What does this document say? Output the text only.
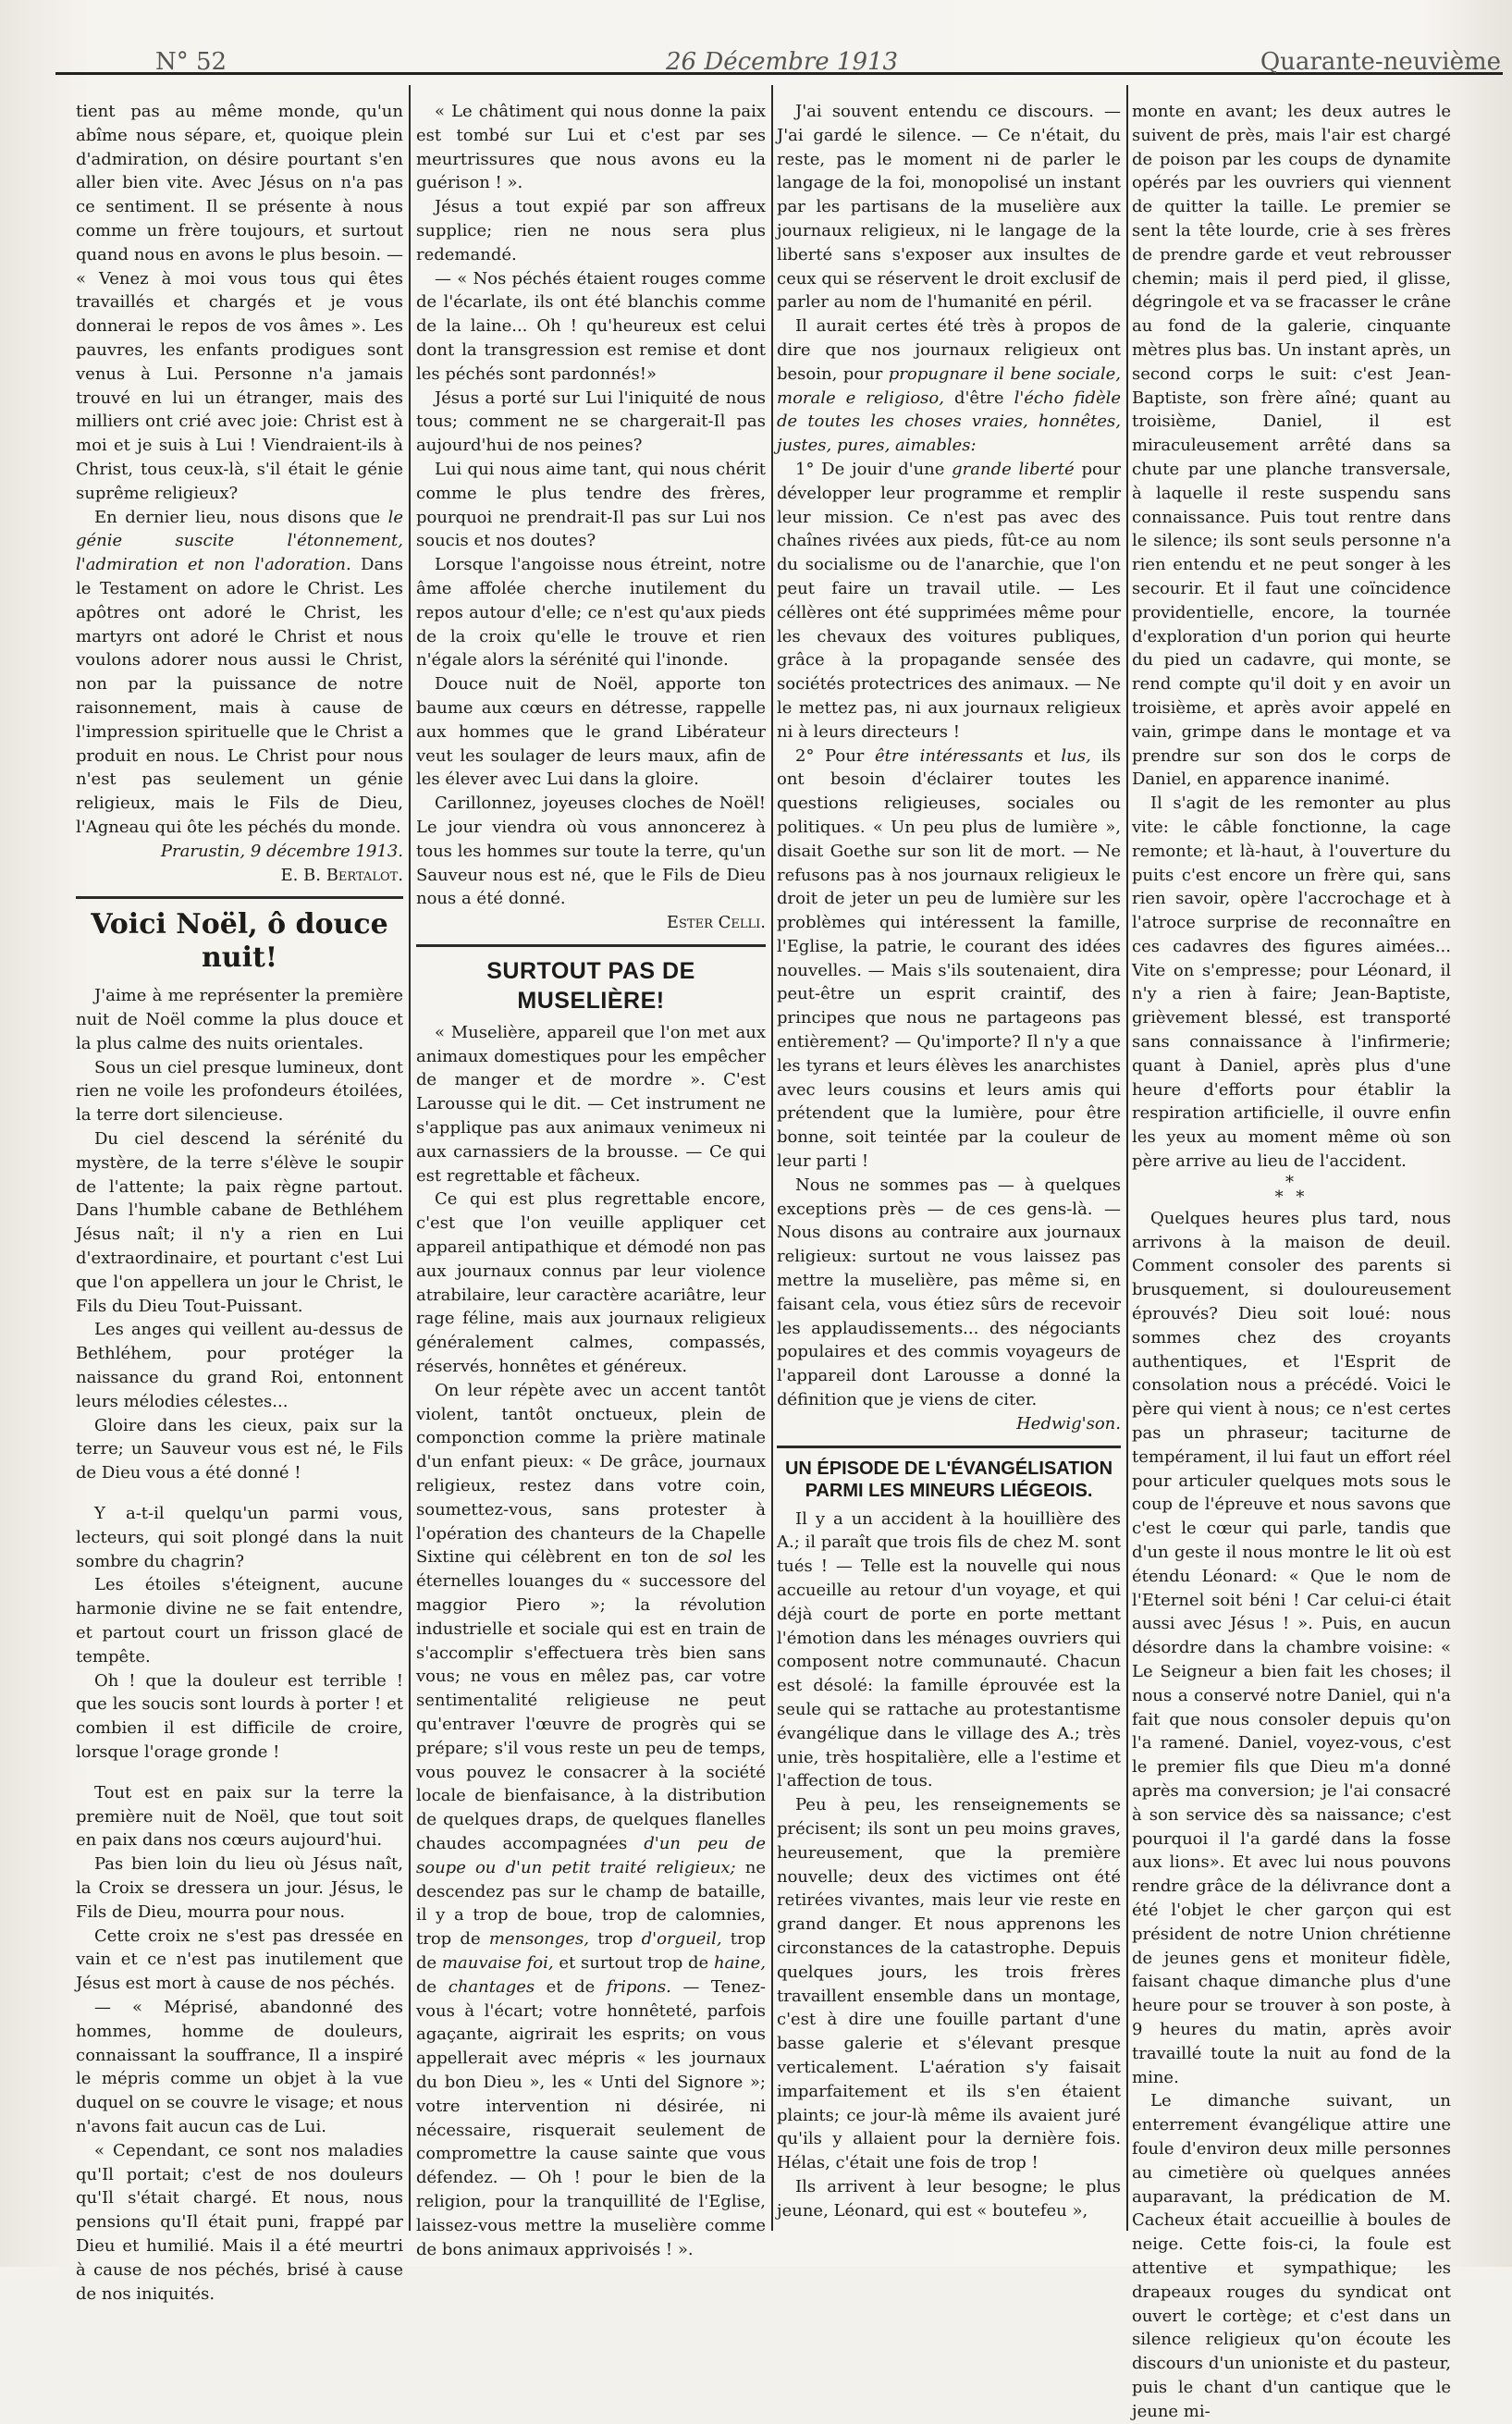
N° 52	26 Décembre 1913	Quarante-neuvième

tient pas au même monde, qu'un abîme nous sépare, et, quoique plein d'admiration, on désire pourtant s'en aller bien vite. Avec Jésus on n'a pas ce sentiment. Il se présente à nous comme un frère toujours, et surtout quand nous en avons le plus besoin. — « Venez à moi vous tous qui êtes travaillés et chargés et je vous donnerai le repos de vos âmes ». Les pauvres, les enfants prodigues sont venus à Lui. Personne n'a jamais trouvé en lui un étranger, mais des milliers ont crié avec joie: Christ est à moi et je suis à Lui ! Viendraient-ils à Christ, tous ceux-là, s'il était le génie suprême religieux?

En dernier lieu, nous disons que le génie suscite l'étonnement, l'admiration et non l'adoration. Dans le Testament on adore le Christ. Les apôtres ont adoré le Christ, les martyrs ont adoré le Christ et nous voulons adorer nous aussi le Christ, non par la puissance de notre raisonnement, mais à cause de l'impression spirituelle que le Christ a produit en nous. Le Christ pour nous n'est pas seulement un génie religieux, mais le Fils de Dieu, l'Agneau qui ôte les péchés du monde.

Prarustin, 9 décembre 1913.
E. B. Bertalot.
Voici Noël, ô douce nuit!

J'aime à me représenter la première nuit de Noël comme la plus douce et la plus calme des nuits orientales.

Sous un ciel presque lumineux, dont rien ne voile les profondeurs étoilées, la terre dort silencieuse.

Du ciel descend la sérénité du mystère, de la terre s'élève le soupir de l'attente; la paix règne partout. Dans l'humble cabane de Bethléhem Jésus naît; il n'y a rien en Lui d'extraordinaire, et pourtant c'est Lui que l'on appellera un jour le Christ, le Fils du Dieu Tout-Puissant.

Les anges qui veillent au-dessus de Bethléhem, pour protéger la naissance du grand Roi, entonnent leurs mélodies célestes...

Gloire dans les cieux, paix sur la terre; un Sauveur vous est né, le Fils de Dieu vous a été donné !

Y a-t-il quelqu'un parmi vous, lecteurs, qui soit plongé dans la nuit sombre du chagrin?

Les étoiles s'éteignent, aucune harmonie divine ne se fait entendre, et partout court un frisson glacé de tempête.

Oh ! que la douleur est terrible ! que les soucis sont lourds à porter ! et combien il est difficile de croire, lorsque l'orage gronde !

Tout est en paix sur la terre la première nuit de Noël, que tout soit en paix dans nos cœurs aujourd'hui.

Pas bien loin du lieu où Jésus naît, la Croix se dressera un jour. Jésus, le Fils de Dieu, mourra pour nous.

Cette croix ne s'est pas dressée en vain et ce n'est pas inutilement que Jésus est mort à cause de nos péchés.

— « Méprisé, abandonné des hommes, homme de douleurs, connaissant la souffrance, Il a inspiré le mépris comme un objet à la vue duquel on se couvre le visage; et nous n'avons fait aucun cas de Lui.

« Cependant, ce sont nos maladies qu'Il portait; c'est de nos douleurs qu'Il s'était chargé. Et nous, nous pensions qu'Il était puni, frappé par Dieu et humilié. Mais il a été meurtri à cause de nos péchés, brisé à cause de nos iniquités.

« Le châtiment qui nous donne la paix est tombé sur Lui et c'est par ses meurtrissures que nous avons eu la guérison ! ».

Jésus a tout expié par son affreux supplice; rien ne nous sera plus redemandé.

— « Nos péchés étaient rouges comme de l'écarlate, ils ont été blanchis comme de la laine... Oh ! qu'heureux est celui dont la transgression est remise et dont les péchés sont pardonnés!»

Jésus a porté sur Lui l'iniquité de nous tous; comment ne se chargerait-Il pas aujourd'hui de nos peines?

Lui qui nous aime tant, qui nous chérit comme le plus tendre des frères, pourquoi ne prendrait-Il pas sur Lui nos soucis et nos doutes?

Lorsque l'angoisse nous étreint, notre âme affolée cherche inutilement du repos autour d'elle; ce n'est qu'aux pieds de la croix qu'elle le trouve et rien n'égale alors la sérénité qui l'inonde.

Douce nuit de Noël, apporte ton baume aux cœurs en détresse, rappelle aux hommes que le grand Libérateur veut les soulager de leurs maux, afin de les élever avec Lui dans la gloire.

Carillonnez, joyeuses cloches de Noël! Le jour viendra où vous annoncerez à tous les hommes sur toute la terre, qu'un Sauveur nous est né, que le Fils de Dieu nous a été donné.

Ester Celli.
SURTOUT PAS DE MUSELIÈRE!

« Muselière, appareil que l'on met aux animaux domestiques pour les empêcher de manger et de mordre ». C'est Larousse qui le dit. — Cet instrument ne s'applique pas aux animaux venimeux ni aux carnassiers de la brousse. — Ce qui est regrettable et fâcheux.

Ce qui est plus regrettable encore, c'est que l'on veuille appliquer cet appareil antipathique et démodé non pas aux journaux connus par leur violence atrabilaire, leur caractère acariâtre, leur rage féline, mais aux journaux religieux généralement calmes, compassés, réservés, honnêtes et généreux.

On leur répète avec un accent tantôt violent, tantôt onctueux, plein de componction comme la prière matinale d'un enfant pieux: « De grâce, journaux religieux, restez dans votre coin, soumettez-vous, sans protester à l'opération des chanteurs de la Chapelle Sixtine qui célèbrent en ton de sol les éternelles louanges du « successore del maggior Piero »; la révolution industrielle et sociale qui est en train de s'accomplir s'effectuera très bien sans vous; ne vous en mêlez pas, car votre sentimentalité religieuse ne peut qu'entraver l'œuvre de progrès qui se prépare; s'il vous reste un peu de temps, vous pouvez le consacrer à la société locale de bienfaisance, à la distribution de quelques draps, de quelques flanelles chaudes accompagnées d'un peu de soupe ou d'un petit traité religieux; ne descendez pas sur le champ de bataille, il y a trop de boue, trop de calomnies, trop de mensonges, trop d'orgueil, trop de mauvaise foi, et surtout trop de haine, de chantages et de fripons. — Tenez-vous à l'écart; votre honnêteté, parfois agaçante, aigrirait les esprits; on vous appellerait avec mépris « les journaux du bon Dieu », les « Unti del Signore »; votre intervention ni désirée, ni nécessaire, risquerait seulement de compromettre la cause sainte que vous défendez. — Oh ! pour le bien de la religion, pour la tranquillité de l'Eglise, laissez-vous mettre la muselière comme de bons animaux apprivoisés ! ».

J'ai souvent entendu ce discours. — J'ai gardé le silence. — Ce n'était, du reste, pas le moment ni de parler le langage de la foi, monopolisé un instant par les partisans de la muselière aux journaux religieux, ni le langage de la liberté sans s'exposer aux insultes de ceux qui se réservent le droit exclusif de parler au nom de l'humanité en péril.

Il aurait certes été très à propos de dire que nos journaux religieux ont besoin, pour propugnare il bene sociale, morale e religioso, d'être l'écho fidèle de toutes les choses vraies, honnêtes, justes, pures, aimables:

1° De jouir d'une grande liberté pour développer leur programme et remplir leur mission. Ce n'est pas avec des chaînes rivées aux pieds, fût-ce au nom du socialisme ou de l'anarchie, que l'on peut faire un travail utile. — Les céllères ont été supprimées même pour les chevaux des voitures publiques, grâce à la propagande sensée des sociétés protectrices des animaux. — Ne le mettez pas, ni aux journaux religieux ni à leurs directeurs !

2° Pour être intéressants et lus, ils ont besoin d'éclairer toutes les questions religieuses, sociales ou politiques. « Un peu plus de lumière », disait Goethe sur son lit de mort. — Ne refusons pas à nos journaux religieux le droit de jeter un peu de lumière sur les problèmes qui intéressent la famille, l'Eglise, la patrie, le courant des idées nouvelles. — Mais s'ils soutenaient, dira peut-être un esprit craintif, des principes que nous ne partageons pas entièrement? — Qu'importe? Il n'y a que les tyrans et leurs élèves les anarchistes avec leurs cousins et leurs amis qui prétendent que la lumière, pour être bonne, soit teintée par la couleur de leur parti !

Nous ne sommes pas — à quelques exceptions près — de ces gens-là. — Nous disons au contraire aux journaux religieux: surtout ne vous laissez pas mettre la muselière, pas même si, en faisant cela, vous étiez sûrs de recevoir les applaudissements... des négociants populaires et des commis voyageurs de l'appareil dont Larousse a donné la définition que je viens de citer.

Hedwig'son.
UN ÉPISODE DE L'ÉVANGÉLISATION
PARMI LES MINEURS LIÉGEOIS.

Il y a un accident à la houillière des A.; il paraît que trois fils de chez M. sont tués ! — Telle est la nouvelle qui nous accueille au retour d'un voyage, et qui déjà court de porte en porte mettant l'émotion dans les ménages ouvriers qui composent notre communauté. Chacun est désolé: la famille éprouvée est la seule qui se rattache au protestantisme évangélique dans le village des A.; très unie, très hospitalière, elle a l'estime et l'affection de tous.

Peu à peu, les renseignements se précisent; ils sont un peu moins graves, heureusement, que la première nouvelle; deux des victimes ont été retirées vivantes, mais leur vie reste en grand danger. Et nous apprenons les circonstances de la catastrophe. Depuis quelques jours, les trois frères travaillent ensemble dans un montage, c'est à dire une fouille partant d'une basse galerie et s'élevant presque verticalement. L'aération s'y faisait imparfaitement et ils s'en étaient plaints; ce jour-là même ils avaient juré qu'ils y allaient pour la dernière fois. Hélas, c'était une fois de trop !

Ils arrivent à leur besogne; le plus jeune, Léonard, qui est « boutefeu »,

monte en avant; les deux autres le suivent de près, mais l'air est chargé de poison par les coups de dynamite opérés par les ouvriers qui viennent de quitter la taille. Le premier se sent la tête lourde, crie à ses frères de prendre garde et veut rebrousser chemin; mais il perd pied, il glisse, dégringole et va se fracasser le crâne au fond de la galerie, cinquante mètres plus bas. Un instant après, un second corps le suit: c'est Jean-Baptiste, son frère aîné; quant au troisième, Daniel, il est miraculeusement arrêté dans sa chute par une planche transversale, à laquelle il reste suspendu sans connaissance. Puis tout rentre dans le silence; ils sont seuls personne n'a rien entendu et ne peut songer à les secourir. Et il faut une coïncidence providentielle, encore, la tournée d'exploration d'un porion qui heurte du pied un cadavre, qui monte, se rend compte qu'il doit y en avoir un troisième, et après avoir appelé en vain, grimpe dans le montage et va prendre sur son dos le corps de Daniel, en apparence inanimé.

Il s'agit de les remonter au plus vite: le câble fonctionne, la cage remonte; et là-haut, à l'ouverture du puits c'est encore un frère qui, sans rien savoir, opère l'accrochage et à l'atroce surprise de reconnaître en ces cadavres des figures aimées... Vite on s'empresse; pour Léonard, il n'y a rien à faire; Jean-Baptiste, grièvement blessé, est transporté sans connaissance à l'infirmerie; quant à Daniel, après plus d'une heure d'efforts pour établir la respiration artificielle, il ouvre enfin les yeux au moment même où son père arrive au lieu de l'accident.

*
* *

Quelques heures plus tard, nous arrivons à la maison de deuil. Comment consoler des parents si brusquement, si douloureusement éprouvés? Dieu soit loué: nous sommes chez des croyants authentiques, et l'Esprit de consolation nous a précédé. Voici le père qui vient à nous; ce n'est certes pas un phraseur; taciturne de tempérament, il lui faut un effort réel pour articuler quelques mots sous le coup de l'épreuve et nous savons que c'est le cœur qui parle, tandis que d'un geste il nous montre le lit où est étendu Léonard: « Que le nom de l'Eternel soit béni ! Car celui-ci était aussi avec Jésus ! ». Puis, en aucun désordre dans la chambre voisine: « Le Seigneur a bien fait les choses; il nous a conservé notre Daniel, qui n'a fait que nous consoler depuis qu'on l'a ramené. Daniel, voyez-vous, c'est le premier fils que Dieu m'a donné après ma conversion; je l'ai consacré à son service dès sa naissance; c'est pourquoi il l'a gardé dans la fosse aux lions». Et avec lui nous pouvons rendre grâce de la délivrance dont a été l'objet le cher garçon qui est président de notre Union chrétienne de jeunes gens et moniteur fidèle, faisant chaque dimanche plus d'une heure pour se trouver à son poste, à 9 heures du matin, après avoir travaillé toute la nuit au fond de la mine.

Le dimanche suivant, un enterrement évangélique attire une foule d'environ deux mille personnes au cimetière où quelques années auparavant, la prédication de M. Cacheux était accueillie à boules de neige. Cette fois-ci, la foule est attentive et sympathique; les drapeaux rouges du syndicat ont ouvert le cortège; et c'est dans un silence religieux qu'on écoute les discours d'un unioniste et du pasteur, puis le chant d'un cantique que le jeune mi-
